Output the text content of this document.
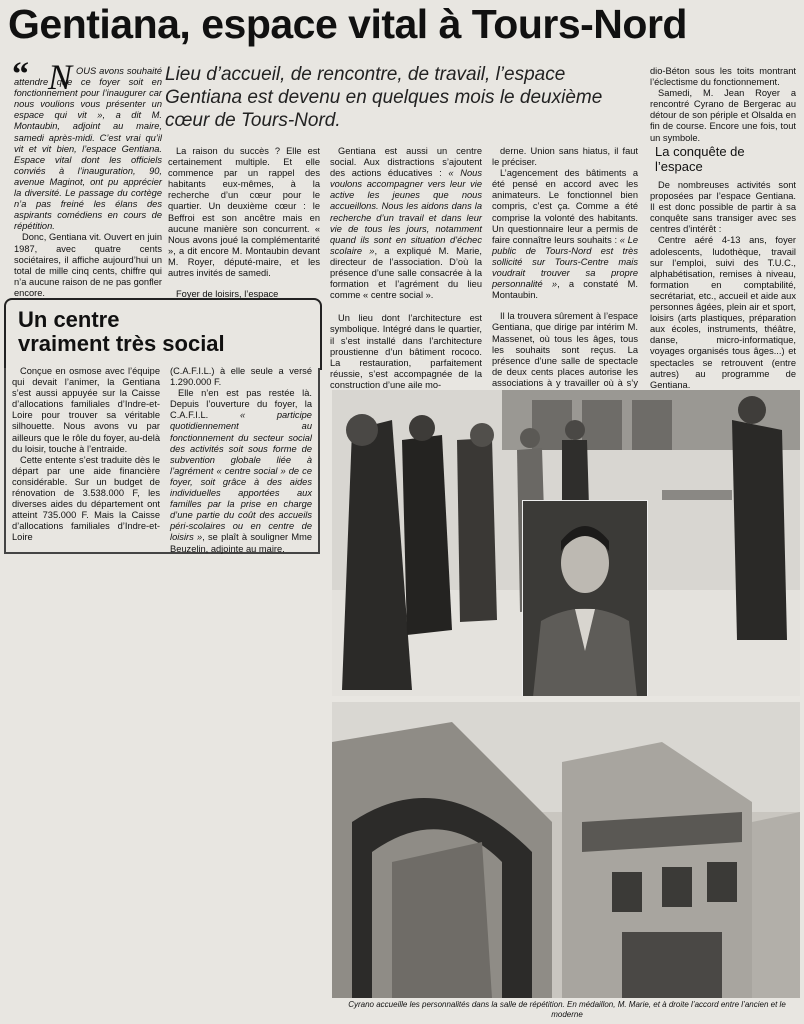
Gentiana, espace vital à Tours-Nord
“ N OUS avons souhaité attendre que ce foyer soit en fonctionnement pour l’inaugurer car nous voulions vous présenter un espace qui vit », a dit M. Montaubin, adjoint au maire, samedi après-midi. C’est vrai qu’il vit et vit bien, l’espace Gentiana. Espace vital dont les officiels conviés à l’inauguration, 90, avenue Maginot, ont pu apprécier la diversité. Le passage du cortège n’a pas freiné les élans des aspirants comédiens en cours de répétition.

Donc, Gentiana vit. Ouvert en juin 1987, avec quatre cents sociétaires, il affiche aujourd’hui un total de mille cinq cents, chiffre qui n’a aucune raison de ne pas gonfler encore.

Lieu d’accueil, de rencontre, de travail, l’espace Gentiana est devenu en quelques mois le deuxième cœur de Tours-Nord.

La raison du succès ? Elle est certainement multiple. Et elle commence par un rappel des habitants eux-mêmes, à la recherche d’un cœur pour le quartier. Un deuxième cœur : le Beffroi est son ancêtre mais en aucune manière son concurrent. « Nous avons joué la complémentarité », a dit encore M. Montaubin devant M. Royer, député-maire, et les autres invités de samedi.

Foyer de loisirs, l’espace

Gentiana est aussi un centre social. Aux distractions s’ajoutent des actions éducatives : « Nous voulons accompagner vers leur vie active les jeunes que nous accueillons. Nous les aidons dans la recherche d’un travail et dans leur vie de tous les jours, notamment quand ils sont en situation d’échec scolaire », a expliqué M. Marie, directeur de l’association. D’où la présence d’une salle consacrée à la formation et l’agrément du lieu comme « centre social ».

Un lieu dont l’architecture est symbolique. Intégré dans le quartier, il s’est installé dans l’architecture proustienne d’un bâtiment rococo. La restauration, parfaitement réussie, s’est accompagnée de la construction d’une aile mo-

derne. Union sans hiatus, il faut le préciser.

L’agencement des bâtiments a été pensé en accord avec les animateurs. Le fonctionnel bien compris, c’est ça. Comme a été comprise la volonté des habitants. Un questionnaire leur a permis de faire connaître leurs souhaits : « Le public de Tours-Nord est très sollicité sur Tours-Centre mais voudrait trouver sa propre personnalité », a constaté M. Montaubin.

Il la trouvera sûrement à l’espace Gentiana, que dirige par intérim M. Massenet, où tous les âges, tous les souhaits sont reçus. La présence d’une salle de spectacle de deux cents places autorise les associations à y travailler où à s’y

dio-Béton sous les toits montrant l’éclectisme du fonctionnement.

Samedi, M. Jean Royer a rencontré Cyrano de Bergerac au détour de son périple et Olsalda en fin de course. Encore une fois, tout un symbole.

La conquête de l’espace

De nombreuses activités sont proposées par l’espace Gentiana. Il est donc possible de partir à sa conquête sans transiger avec ses centres d’intérêt :

Centre aéré 4-13 ans, foyer adolescents, ludothèque, travail sur l’emploi, suivi des T.U.C., alphabétisation, remises à niveau, formation en comptabilité, secrétariat, etc., accueil et aide aux personnes âgées, plein air et sport, loisirs (arts plastiques, préparation aux écoles, instruments, théâtre, danse, micro-informatique, voyages organisés tous âges...) et spectacles se retrouvent (entre autres) au programme de Gentiana.

Un centre
vraiment très social

Conçue en osmose avec l’équipe qui devait l’animer, la Gentiana s’est aussi appuyée sur la Caisse d’allocations familiales d’Indre-et-Loire pour trouver sa véritable silhouette. Nous avons vu par ailleurs que le rôle du foyer, au-delà du loisir, touche à l’entraide.

Cette entente s’est traduite dès le départ par une aide financière considérable. Sur un budget de rénovation de 3.538.000 F, les diverses aides du département ont atteint 735.000 F. Mais la Caisse d’allocations familiales d’Indre-et-Loire

(C.A.F.I.L.) à elle seule a versé 1.290.000 F.

Elle n’en est pas restée là. Depuis l’ouverture du foyer, la C.A.F.I.L. « participe quotidiennement au fonctionnement du secteur social des activités soit sous forme de subvention globale liée à l’agrément « centre social » de ce foyer, soit grâce à des aides individuelles apportées aux familles par la prise en charge d’une partie du coût des accueils péri-scolaires ou en centre de loisirs », se plaît à souligner Mme Beuzelin, adjointe au maire.

Cyrano accueille les personnalités dans la salle de répétition. En médaillon, M. Marie, et à droite l’accord entre l’ancien et le moderne
